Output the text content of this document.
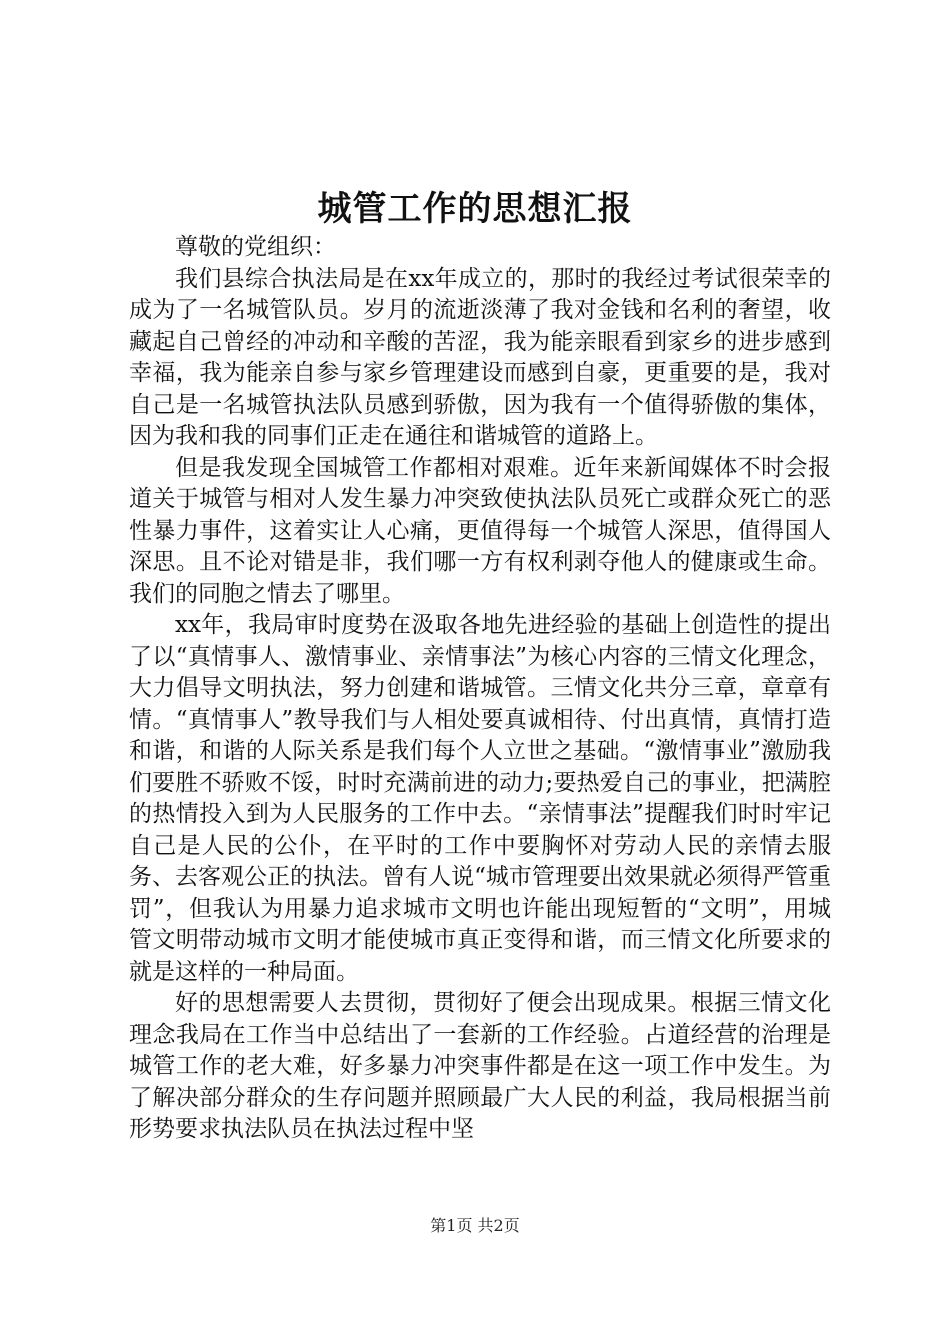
城管工作的思想汇报

尊敬的党组织：

我们县综合执法局是在xx年成立的，那时的我经过考试很荣幸的成为了一名城管队员。岁月的流逝淡薄了我对金钱和名利的奢望，收藏起自己曾经的冲动和辛酸的苦涩，我为能亲眼看到家乡的进步感到幸福，我为能亲自参与家乡管理建设而感到自豪，更重要的是，我对自己是一名城管执法队员感到骄傲，因为我有一个值得骄傲的集体，因为我和我的同事们正走在通往和谐城管的道路上。

但是我发现全国城管工作都相对艰难。近年来新闻媒体不时会报道关于城管与相对人发生暴力冲突致使执法队员死亡或群众死亡的恶性暴力事件，这着实让人心痛，更值得每一个城管人深思，值得国人深思。且不论对错是非，我们哪一方有权利剥夺他人的健康或生命。我们的同胞之情去了哪里。

xx年，我局审时度势在汲取各地先进经验的基础上创造性的提出了以“真情事人、激情事业、亲情事法”为核心内容的三情文化理念，大力倡导文明执法，努力创建和谐城管。三情文化共分三章，章章有情。“真情事人”教导我们与人相处要真诚相待、付出真情，真情打造和谐，和谐的人际关系是我们每个人立世之基础。“激情事业”激励我们要胜不骄败不馁，时时充满前进的动力;要热爱自己的事业，把满腔的热情投入到为人民服务的工作中去。“亲情事法”提醒我们时时牢记自己是人民的公仆，在平时的工作中要胸怀对劳动人民的亲情去服务、去客观公正的执法。曾有人说“城市管理要出效果就必须得严管重罚”，但我认为用暴力追求城市文明也许能出现短暂的“文明”，用城管文明带动城市文明才能使城市真正变得和谐，而三情文化所要求的就是这样的一种局面。

好的思想需要人去贯彻，贯彻好了便会出现成果。根据三情文化理念我局在工作当中总结出了一套新的工作经验。占道经营的治理是城管工作的老大难，好多暴力冲突事件都是在这一项工作中发生。为了解决部分群众的生存问题并照顾最广大人民的利益，我局根据当前形势要求执法队员在执法过程中坚

第1页 共2页
